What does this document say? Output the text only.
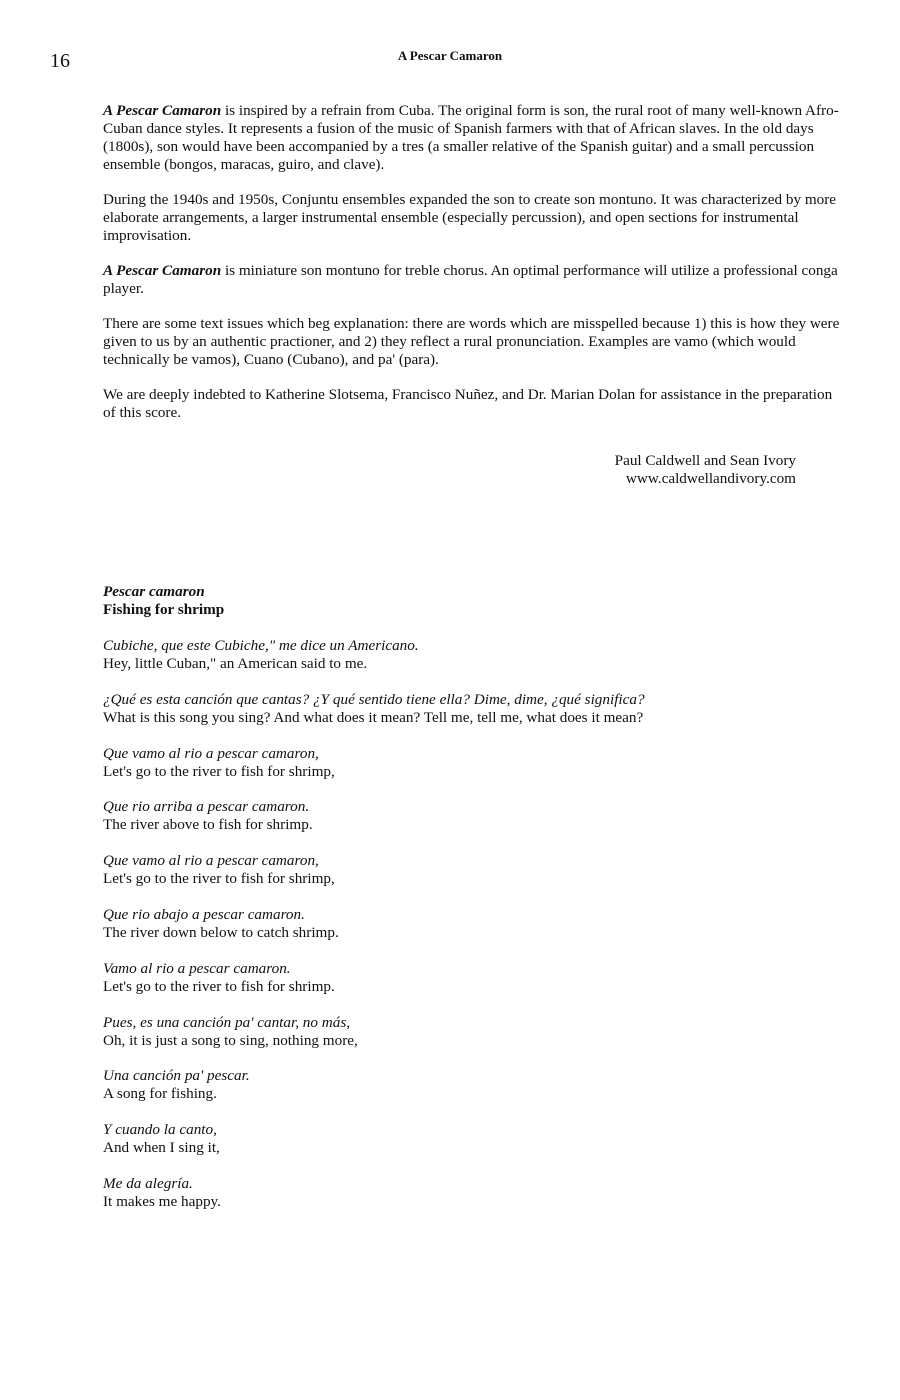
16	A Pescar Camaron

A Pescar Camaron is inspired by a refrain from Cuba. The original form is son, the rural root of many well-known Afro-Cuban dance styles. It represents a fusion of the music of Spanish farmers with that of African slaves. In the old days (1800s), son would have been accompanied by a tres (a smaller relative of the Spanish guitar) and a small percussion ensemble (bongos, maracas, guiro, and clave).

During the 1940s and 1950s, Conjuntu ensembles expanded the son to create son montuno. It was characterized by more elaborate arrangements, a larger instrumental ensemble (especially percussion), and open sections for instrumental improvisation.

A Pescar Camaron is miniature son montuno for treble chorus. An optimal performance will utilize a professional conga player.

There are some text issues which beg explanation: there are words which are misspelled because 1) this is how they were given to us by an authentic practioner, and 2) they reflect a rural pronunciation. Examples are vamo (which would technically be vamos), Cuano (Cubano), and pa' (para).

We are deeply indebted to Katherine Slotsema, Francisco Nuñez, and Dr. Marian Dolan for assistance in the preparation of this score.

Paul Caldwell and Sean Ivory
www.caldwellandivory.com
Pescar camaron
Fishing for shrimp
Cubiche, que este Cubiche," me dice un Americano.
Hey, little Cuban," an American said to me.
¿Qué es esta canción que cantas? ¿Y qué sentido tiene ella? Dime, dime, ¿qué significa?
What is this song you sing? And what does it mean? Tell me, tell me, what does it mean?
Que vamo al rio a pescar camaron,
Let's go to the river to fish for shrimp,
Que rio arriba a pescar camaron.
The river above to fish for shrimp.
Que vamo al rio a pescar camaron,
Let's go to the river to fish for shrimp,
Que rio abajo a pescar camaron.
The river down below to catch shrimp.
Vamo al rio a pescar camaron.
Let's go to the river to fish for shrimp.
Pues, es una canción pa' cantar, no más,
Oh, it is just a song to sing, nothing more,
Una canción pa' pescar.
A song for fishing.
Y cuando la canto,
And when I sing it,
Me da alegría.
It makes me happy.
